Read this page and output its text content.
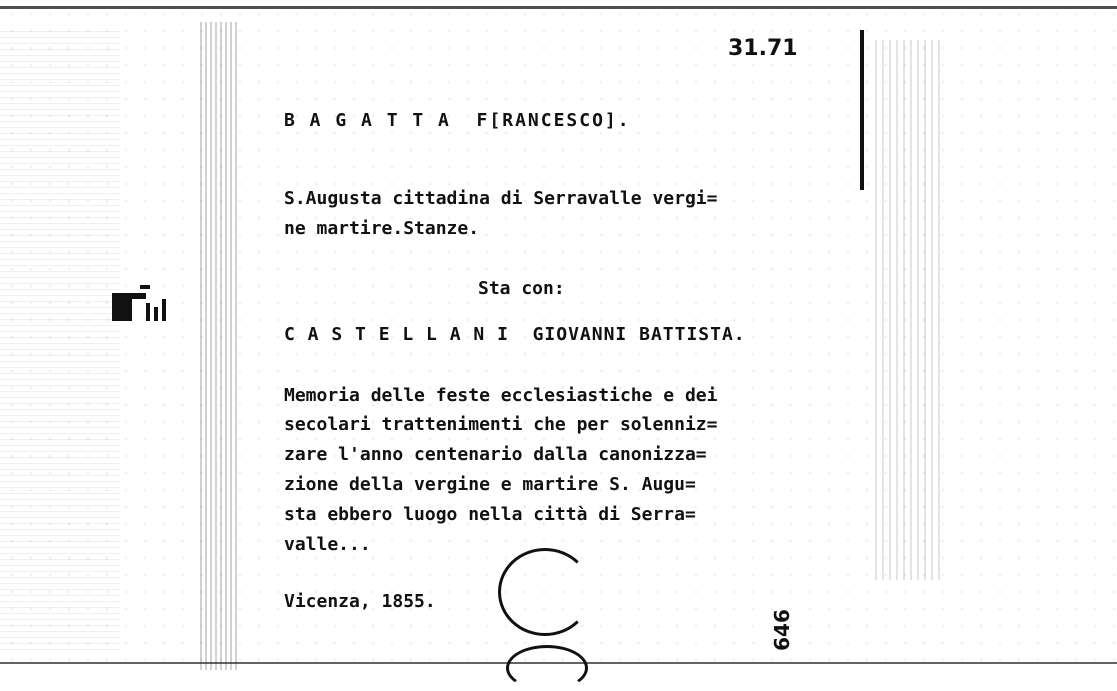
31.71
B A G A T T A  F[RANCESCO].
S.Augusta cittadina di Serravalle vergi=
ne martire.Stanze.
Sta con:
C A S T E L L A N I  GIOVANNI BATTISTA.
Memoria delle feste ecclesiastiche e dei
secolari trattenimenti che per solenniz=
zare l'anno centenario dalla canonizza=
zione della vergine e martire S. Augu=
sta ebbero luogo nella città di Serra=
valle...
Vicenza, 1855.
646
